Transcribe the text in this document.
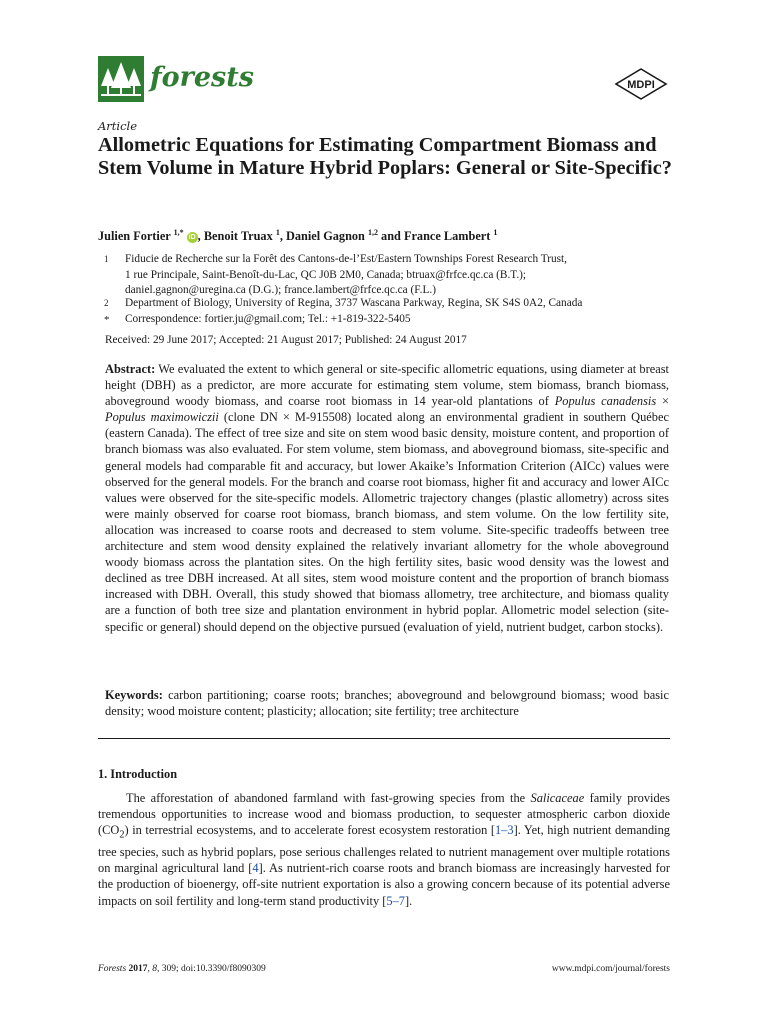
forests	MDPI
Article
Allometric Equations for Estimating Compartment Biomass and Stem Volume in Mature Hybrid Poplars: General or Site-Specific?
Julien Fortier $^{1,*}$ iD , Benoit Truax $^1$, Daniel Gagnon $^{1,2}$ and France Lambert $^1$
1 Fiducie de Recherche sur la Forêt des Cantons-de-l’Est/Eastern Townships Forest Research Trust,
1 rue Principale, Saint-Benoît-du-Lac, QC J0B 2M0, Canada; btruax@frfce.qc.ca (B.T.);
daniel.gagnon@uregina.ca (D.G.); france.lambert@frfce.qc.ca (F.L.)
2 Department of Biology, University of Regina, 3737 Wascana Parkway, Regina, SK S4S 0A2, Canada
* Correspondence: fortier.ju@gmail.com; Tel.: +1-819-322-5405
Received: 29 June 2017; Accepted: 21 August 2017; Published: 24 August 2017

Abstract: We evaluated the extent to which general or site-specific allometric equations, using diameter at breast height (DBH) as a predictor, are more accurate for estimating stem volume, stem biomass, branch biomass, aboveground woody biomass, and coarse root biomass in 14 year-old plantations of Populus canadensis × Populus maximowiczii (clone DN × M-915508) located along an environmental gradient in southern Québec (eastern Canada). The effect of tree size and site on stem wood basic density, moisture content, and proportion of branch biomass was also evaluated. For stem volume, stem biomass, and aboveground biomass, site-specific and general models had comparable fit and accuracy, but lower Akaike’s Information Criterion (AICc) values were observed for the general models. For the branch and coarse root biomass, higher fit and accuracy and lower AICc values were observed for the site-specific models. Allometric trajectory changes (plastic allometry) across sites were mainly observed for coarse root biomass, branch biomass, and stem volume. On the low fertility site, allocation was increased to coarse roots and decreased to stem volume. Site-specific tradeoffs between tree architecture and stem wood density explained the relatively invariant allometry for the whole aboveground woody biomass across the plantation sites. On the high fertility sites, basic wood density was the lowest and declined as tree DBH increased. At all sites, stem wood moisture content and the proportion of branch biomass increased with DBH. Overall, this study showed that biomass allometry, tree architecture, and biomass quality are a function of both tree size and plantation environment in hybrid poplar. Allometric model selection (site-specific or general) should depend on the objective pursued (evaluation of yield, nutrient budget, carbon stocks).

Keywords: carbon partitioning; coarse roots; branches; aboveground and belowground biomass; wood basic density; wood moisture content; plasticity; allocation; site fertility; tree architecture

1. Introduction

The afforestation of abandoned farmland with fast-growing species from the Salicaceae family provides tremendous opportunities to increase wood and biomass production, to sequester atmospheric carbon dioxide $(CO_2)$ in terrestrial ecosystems, and to accelerate forest ecosystem restoration [1–3]. Yet, high nutrient demanding tree species, such as hybrid poplars, pose serious challenges related to nutrient management over multiple rotations on marginal agricultural land [4]. As nutrient-rich coarse roots and branch biomass are increasingly harvested for the production of bioenergy, off-site nutrient exportation is also a growing concern because of its potential adverse impacts on soil fertility and long-term stand productivity [5–7].

Forests 2017, 8, 309; doi:10.3390/f8090309	www.mdpi.com/journal/forests
